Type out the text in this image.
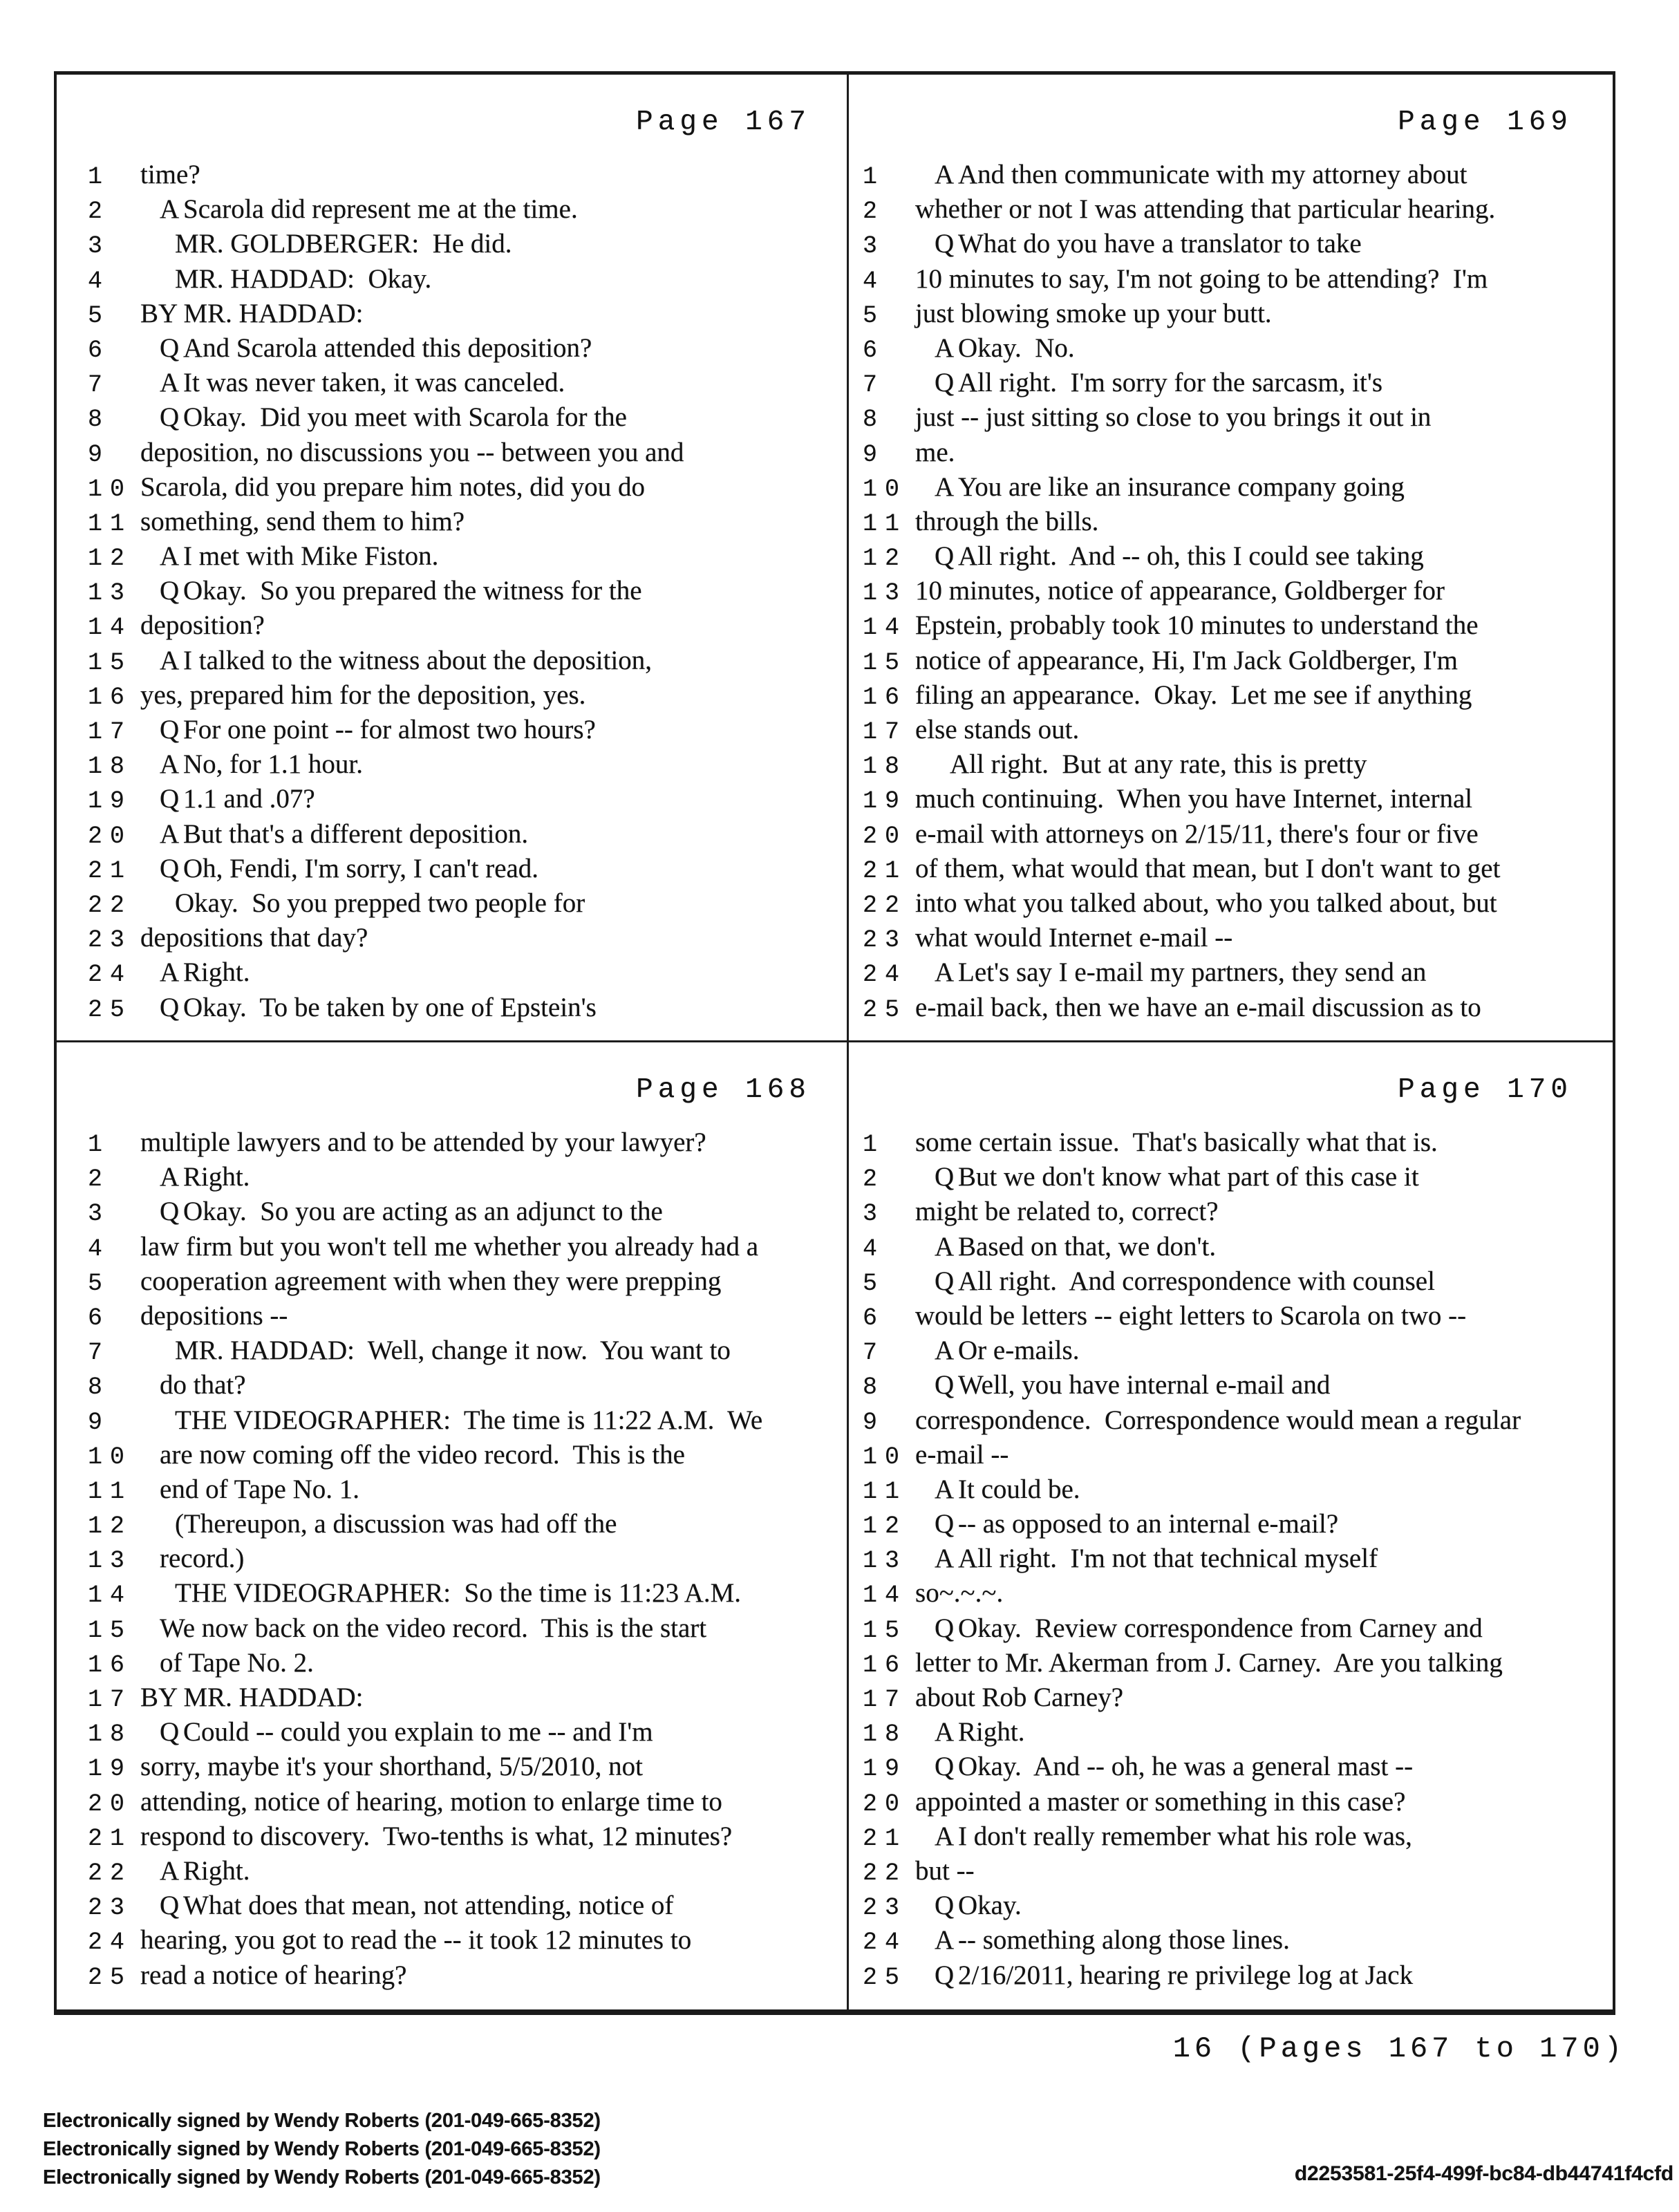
Page 167
1	time?
2	A Scarola did represent me at the time.
3	MR. GOLDBERGER:  He did.
4	MR. HADDAD:  Okay.
5	BY MR. HADDAD:
6	Q And Scarola attended this deposition?
7	A It was never taken, it was canceled.
8	Q Okay.  Did you meet with Scarola for the
9	deposition, no discussions you -- between you and
10 Scarola, did you prepare him notes, did you do
11 something, send them to him?
12 A I met with Mike Fiston.
13 Q Okay.  So you prepared the witness for the
14 deposition?
15 A I talked to the witness about the deposition,
16 yes, prepared him for the deposition, yes.
17 Q For one point -- for almost two hours?
18 A No, for 1.1 hour.
19 Q 1.1 and .07?
20 A But that's a different deposition.
21 Q Oh, Fendi, I'm sorry, I can't read.
22 Okay.  So you prepped two people for
23 depositions that day?
24 A Right.
25 Q Okay.  To be taken by one of Epstein's
Page 169
1	A And then communicate with my attorney about
2	whether or not I was attending that particular hearing.
3	Q What do you have a translator to take
4	10 minutes to say, I'm not going to be attending?  I'm
5	just blowing smoke up your butt.
6	A Okay.  No.
7	Q All right.  I'm sorry for the sarcasm, it's
8	just -- just sitting so close to you brings it out in
9	me.
10 A You are like an insurance company going
11 through the bills.
12 Q All right.  And -- oh, this I could see taking
13 10 minutes, notice of appearance, Goldberger for
14 Epstein, probably took 10 minutes to understand the
15 notice of appearance, Hi, I'm Jack Goldberger, I'm
16 filing an appearance.  Okay.  Let me see if anything
17 else stands out.
18 All right.  But at any rate, this is pretty
19 much continuing.  When you have Internet, internal
20 e-mail with attorneys on 2/15/11, there's four or five
21 of them, what would that mean, but I don't want to get
22 into what you talked about, who you talked about, but
23 what would Internet e-mail --
24 A Let's say I e-mail my partners, they send an
25 e-mail back, then we have an e-mail discussion as to
Page 168
1	multiple lawyers and to be attended by your lawyer?
2	A Right.
3	Q Okay.  So you are acting as an adjunct to the
4	law firm but you won't tell me whether you already had a
5	cooperation agreement with when they were prepping
6	depositions --
7	MR. HADDAD:  Well, change it now.  You want to
8	do that?
9	THE VIDEOGRAPHER:  The time is 11:22 A.M.  We
10 are now coming off the video record.  This is the
11 end of Tape No. 1.
12 (Thereupon, a discussion was had off the
13 record.)
14 THE VIDEOGRAPHER:  So the time is 11:23 A.M.
15 We now back on the video record.  This is the start
16 of Tape No. 2.
17 BY MR. HADDAD:
18 Q Could -- could you explain to me -- and I'm
19 sorry, maybe it's your shorthand, 5/5/2010, not
20 attending, notice of hearing, motion to enlarge time to
21 respond to discovery.  Two-tenths is what, 12 minutes?
22 A Right.
23 Q What does that mean, not attending, notice of
24 hearing, you got to read the -- it took 12 minutes to
25 read a notice of hearing?
Page 170
1	some certain issue.  That's basically what that is.
2	Q But we don't know what part of this case it
3	might be related to, correct?
4	A Based on that, we don't.
5	Q All right.  And correspondence with counsel
6	would be letters -- eight letters to Scarola on two --
7	A Or e-mails.
8	Q Well, you have internal e-mail and
9	correspondence.  Correspondence would mean a regular
10 e-mail --
11 A It could be.
12 Q -- as opposed to an internal e-mail?
13 A All right.  I'm not that technical myself
14 so~.~.~.
15 Q Okay.  Review correspondence from Carney and
16 letter to Mr. Akerman from J. Carney.  Are you talking
17 about Rob Carney?
18 A Right.
19 Q Okay.  And -- oh, he was a general mast --
20 appointed a master or something in this case?
21 A I don't really remember what his role was,
22 but --
23 Q Okay.
24 A -- something along those lines.
25 Q 2/16/2011, hearing re privilege log at Jack
16 (Pages 167 to 170)
Electronically signed by Wendy Roberts (201-049-665-8352)
Electronically signed by Wendy Roberts (201-049-665-8352)
Electronically signed by Wendy Roberts (201-049-665-8352)	d2253581-25f4-499f-bc84-db44741f4cfd
